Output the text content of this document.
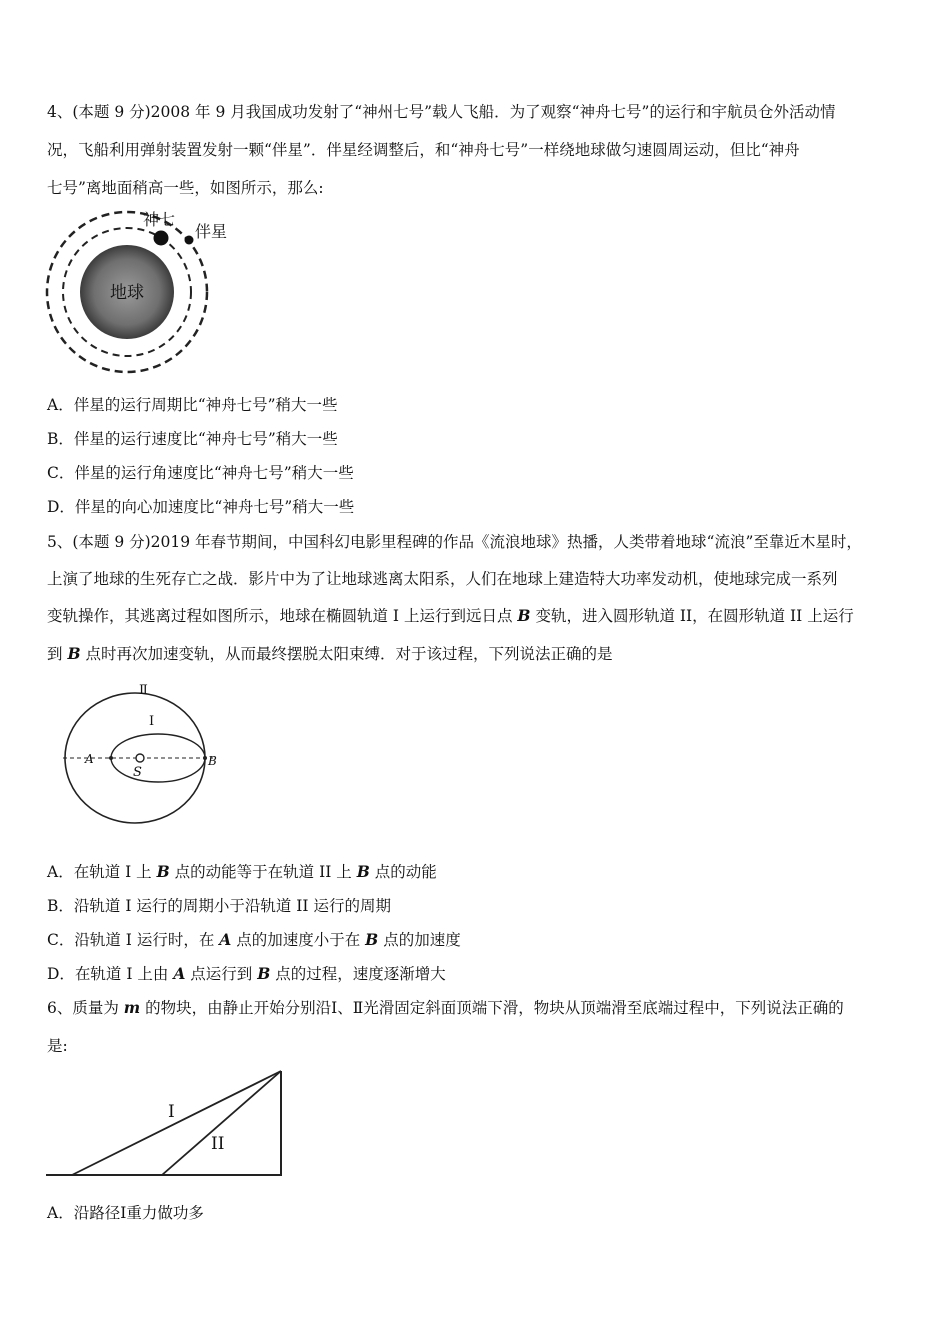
4、(本题 9 分)2008 年 9 月我国成功发射了“神州七号”载人飞船．为了观察“神舟七号”的运行和宇航员仓外活动情
况，飞船利用弹射装置发射一颗“伴星”．伴星经调整后，和“神舟七号”一样绕地球做匀速圆周运动，但比“神舟
七号”离地面稍高一些，如图所示，那么:
地球
神七
伴星
A．伴星的运行周期比“神舟七号”稍大一些
B．伴星的运行速度比“神舟七号”稍大一些
C．伴星的运行角速度比“神舟七号”稍大一些
D．伴星的向心加速度比“神舟七号”稍大一些
5、(本题 9 分)2019 年春节期间，中国科幻电影里程碑的作品《流浪地球》热播，人类带着地球“流浪”至靠近木星时，
上演了地球的生死存亡之战．影片中为了让地球逃离太阳系，人们在地球上建造特大功率发动机，使地球完成一系列
变轨操作，其逃离过程如图所示，地球在椭圆轨道 I 上运行到远日点 B 变轨，进入圆形轨道 II，在圆形轨道 II 上运行
到 B 点时再次加速变轨，从而最终摆脱太阳束缚．对于该过程，下列说法正确的是
Ⅱ
Ⅰ
A	B
S
A．在轨道 I 上 B 点的动能等于在轨道 II 上 B 点的动能
B．沿轨道 I 运行的周期小于沿轨道 II 运行的周期
C．沿轨道 I 运行时，在 A 点的加速度小于在 B 点的加速度
D．在轨道 I 上由 A 点运行到 B 点的过程，速度逐渐增大
6、质量为 m 的物块，由静止开始分别沿Ⅰ、Ⅱ光滑固定斜面顶端下滑，物块从顶端滑至底端过程中，下列说法正确的
是:
I
II
A．沿路径Ⅰ重力做功多
